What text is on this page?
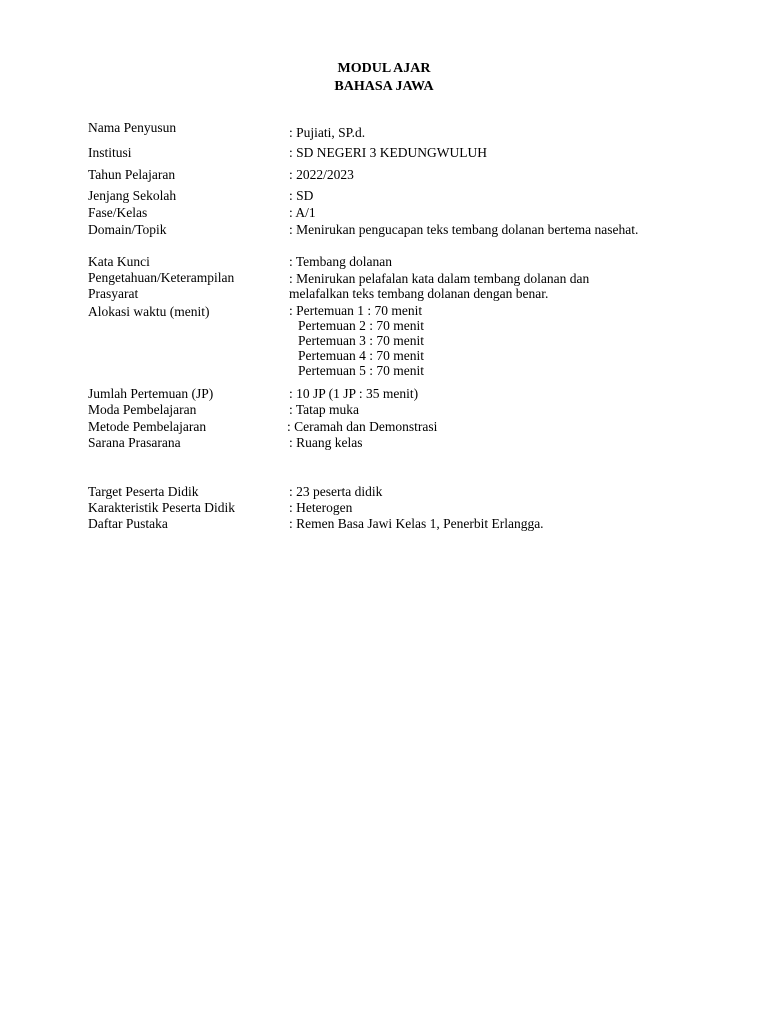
MODUL AJAR
BAHASA JAWA
Nama Penyusun	: Pujiati, SP.d.
Institusi	: SD NEGERI 3 KEDUNGWULUH
Tahun Pelajaran	: 2022/2023
Jenjang Sekolah	: SD
Fase/Kelas	: A/1
Domain/Topik	: Menirukan pengucapan teks tembang dolanan bertema nasehat.
Kata Kunci	: Tembang dolanan
Pengetahuan/Keterampilan
Prasyarat
: Menirukan pelafalan kata dalam tembang dolanan dan
melafalkan teks tembang dolanan dengan benar.
Alokasi waktu (menit)	: Pertemuan 1 : 70 menit
Pertemuan 2 : 70 menit
Pertemuan 3 : 70 menit
Pertemuan 4 : 70 menit
Pertemuan 5 : 70 menit
Jumlah Pertemuan (JP)	: 10 JP (1 JP : 35 menit)
Moda Pembelajaran	: Tatap muka
Metode Pembelajaran	: Ceramah dan Demonstrasi
Sarana Prasarana	: Ruang kelas
Target Peserta Didik	: 23 peserta didik
Karakteristik Peserta Didik	: Heterogen
Daftar Pustaka	: Remen Basa Jawi Kelas 1, Penerbit Erlangga.
